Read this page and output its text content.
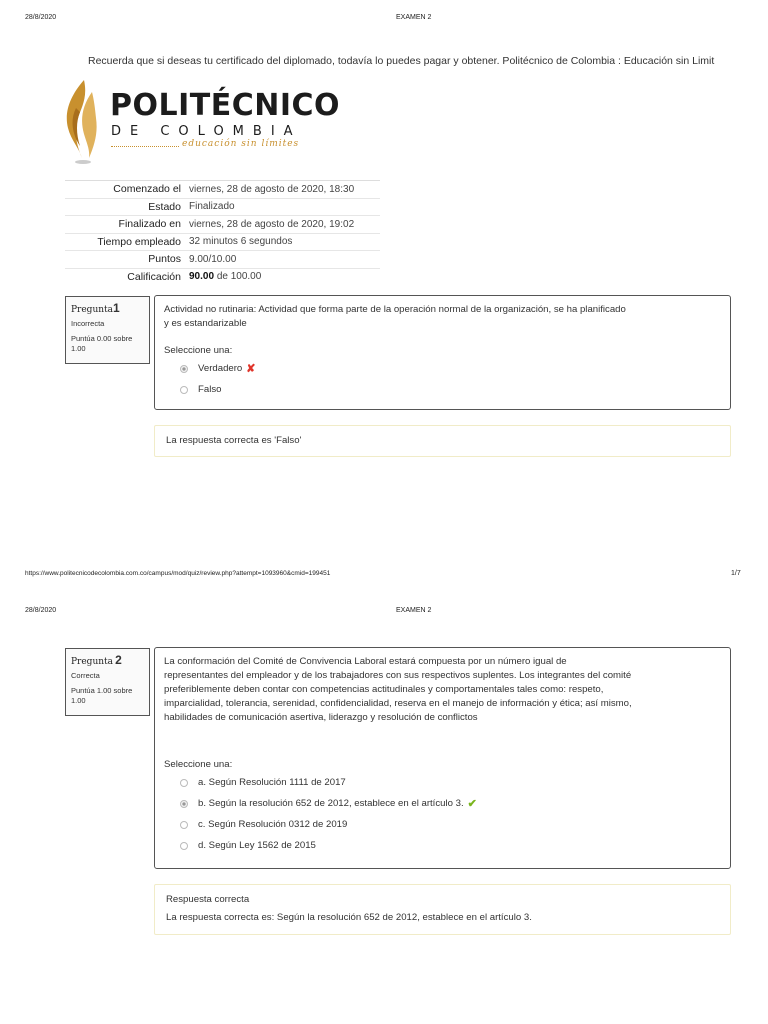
28/8/2020	EXAMEN 2
Recuerda que si deseas tu certificado del diplomado, todavía lo puedes pagar y obtener. Politécnico de Colombia : Educación sin Limit
POLITÉCNICO
DE COLOMBIA
educación sin límites
Comenzado el viernes, 28 de agosto de 2020, 18:30
Estado Finalizado
Finalizado en viernes, 28 de agosto de 2020, 19:02
Tiempo empleado 32 minutos 6 segundos
Puntos 9.00/10.00
Calificación 90.00 de 100.00
Pregunta1
Incorrecta
Puntúa 0.00 sobre 1.00
Actividad no rutinaria: Actividad que forma parte de la operación normal de la organización, se ha planificado
y es estandarizable
Seleccione una:
Verdadero ✘
Falso
La respuesta correcta es 'Falso'
https://www.politecnicodecolombia.com.co/campus/mod/quiz/review.php?attempt=1093960&cmid=199451	1/7
28/8/2020	EXAMEN 2
Pregunta 2
Correcta
Puntúa 1.00 sobre 1.00
La conformación del Comité de Convivencia Laboral estará compuesta por un número igual de
representantes del empleador y de los trabajadores con sus respectivos suplentes. Los integrantes del comité
preferiblemente deben contar con competencias actitudinales y comportamentales tales como: respeto,
imparcialidad, tolerancia, serenidad, confidencialidad, reserva en el manejo de información y ética; así mismo,
habilidades de comunicación asertiva, liderazgo y resolución de conflictos
Seleccione una:
a. Según Resolución 1111 de 2017
b. Según la resolución 652 de 2012, establece en el artículo 3. ✔
c. Según Resolución 0312 de 2019
d. Según Ley 1562 de 2015
Respuesta correcta
La respuesta correcta es: Según la resolución 652 de 2012, establece en el artículo 3.
